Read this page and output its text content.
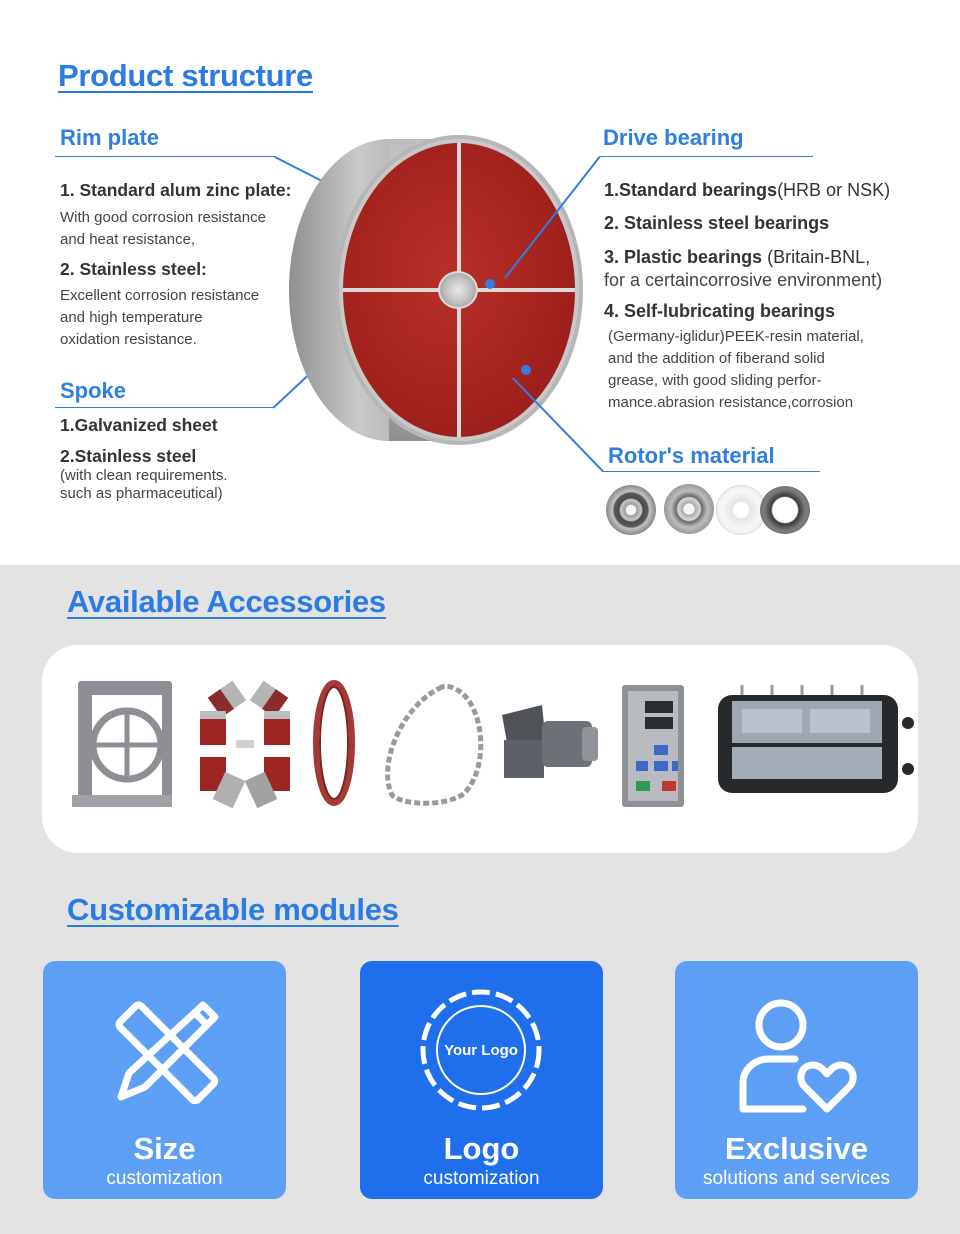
Product structure
Rim plate
1. Standard alum zinc plate:
With good corrosion resistance
and heat resistance,
2. Stainless steel:
Excellent corrosion resistance
and high temperature
oxidation resistance.
Spoke
1.Galvanized sheet
2.Stainless steel
(with clean requirements.
such as pharmaceutical)
Drive bearing
1.Standard bearings(HRB or NSK)
2. Stainless steel bearings
3. Plastic bearings (Britain-BNL,
for a certaincorrosive environment)
4. Self-lubricating bearings
(Germany-iglidur)PEEK-resin material,
and the addition of fiberand solid
grease, with good sliding perfor-
mance.abrasion resistance,corrosion
Rotor's material
Available Accessories
Customizable modules
Size
customization
Your Logo
Logo
customization
Exclusive
solutions and services
